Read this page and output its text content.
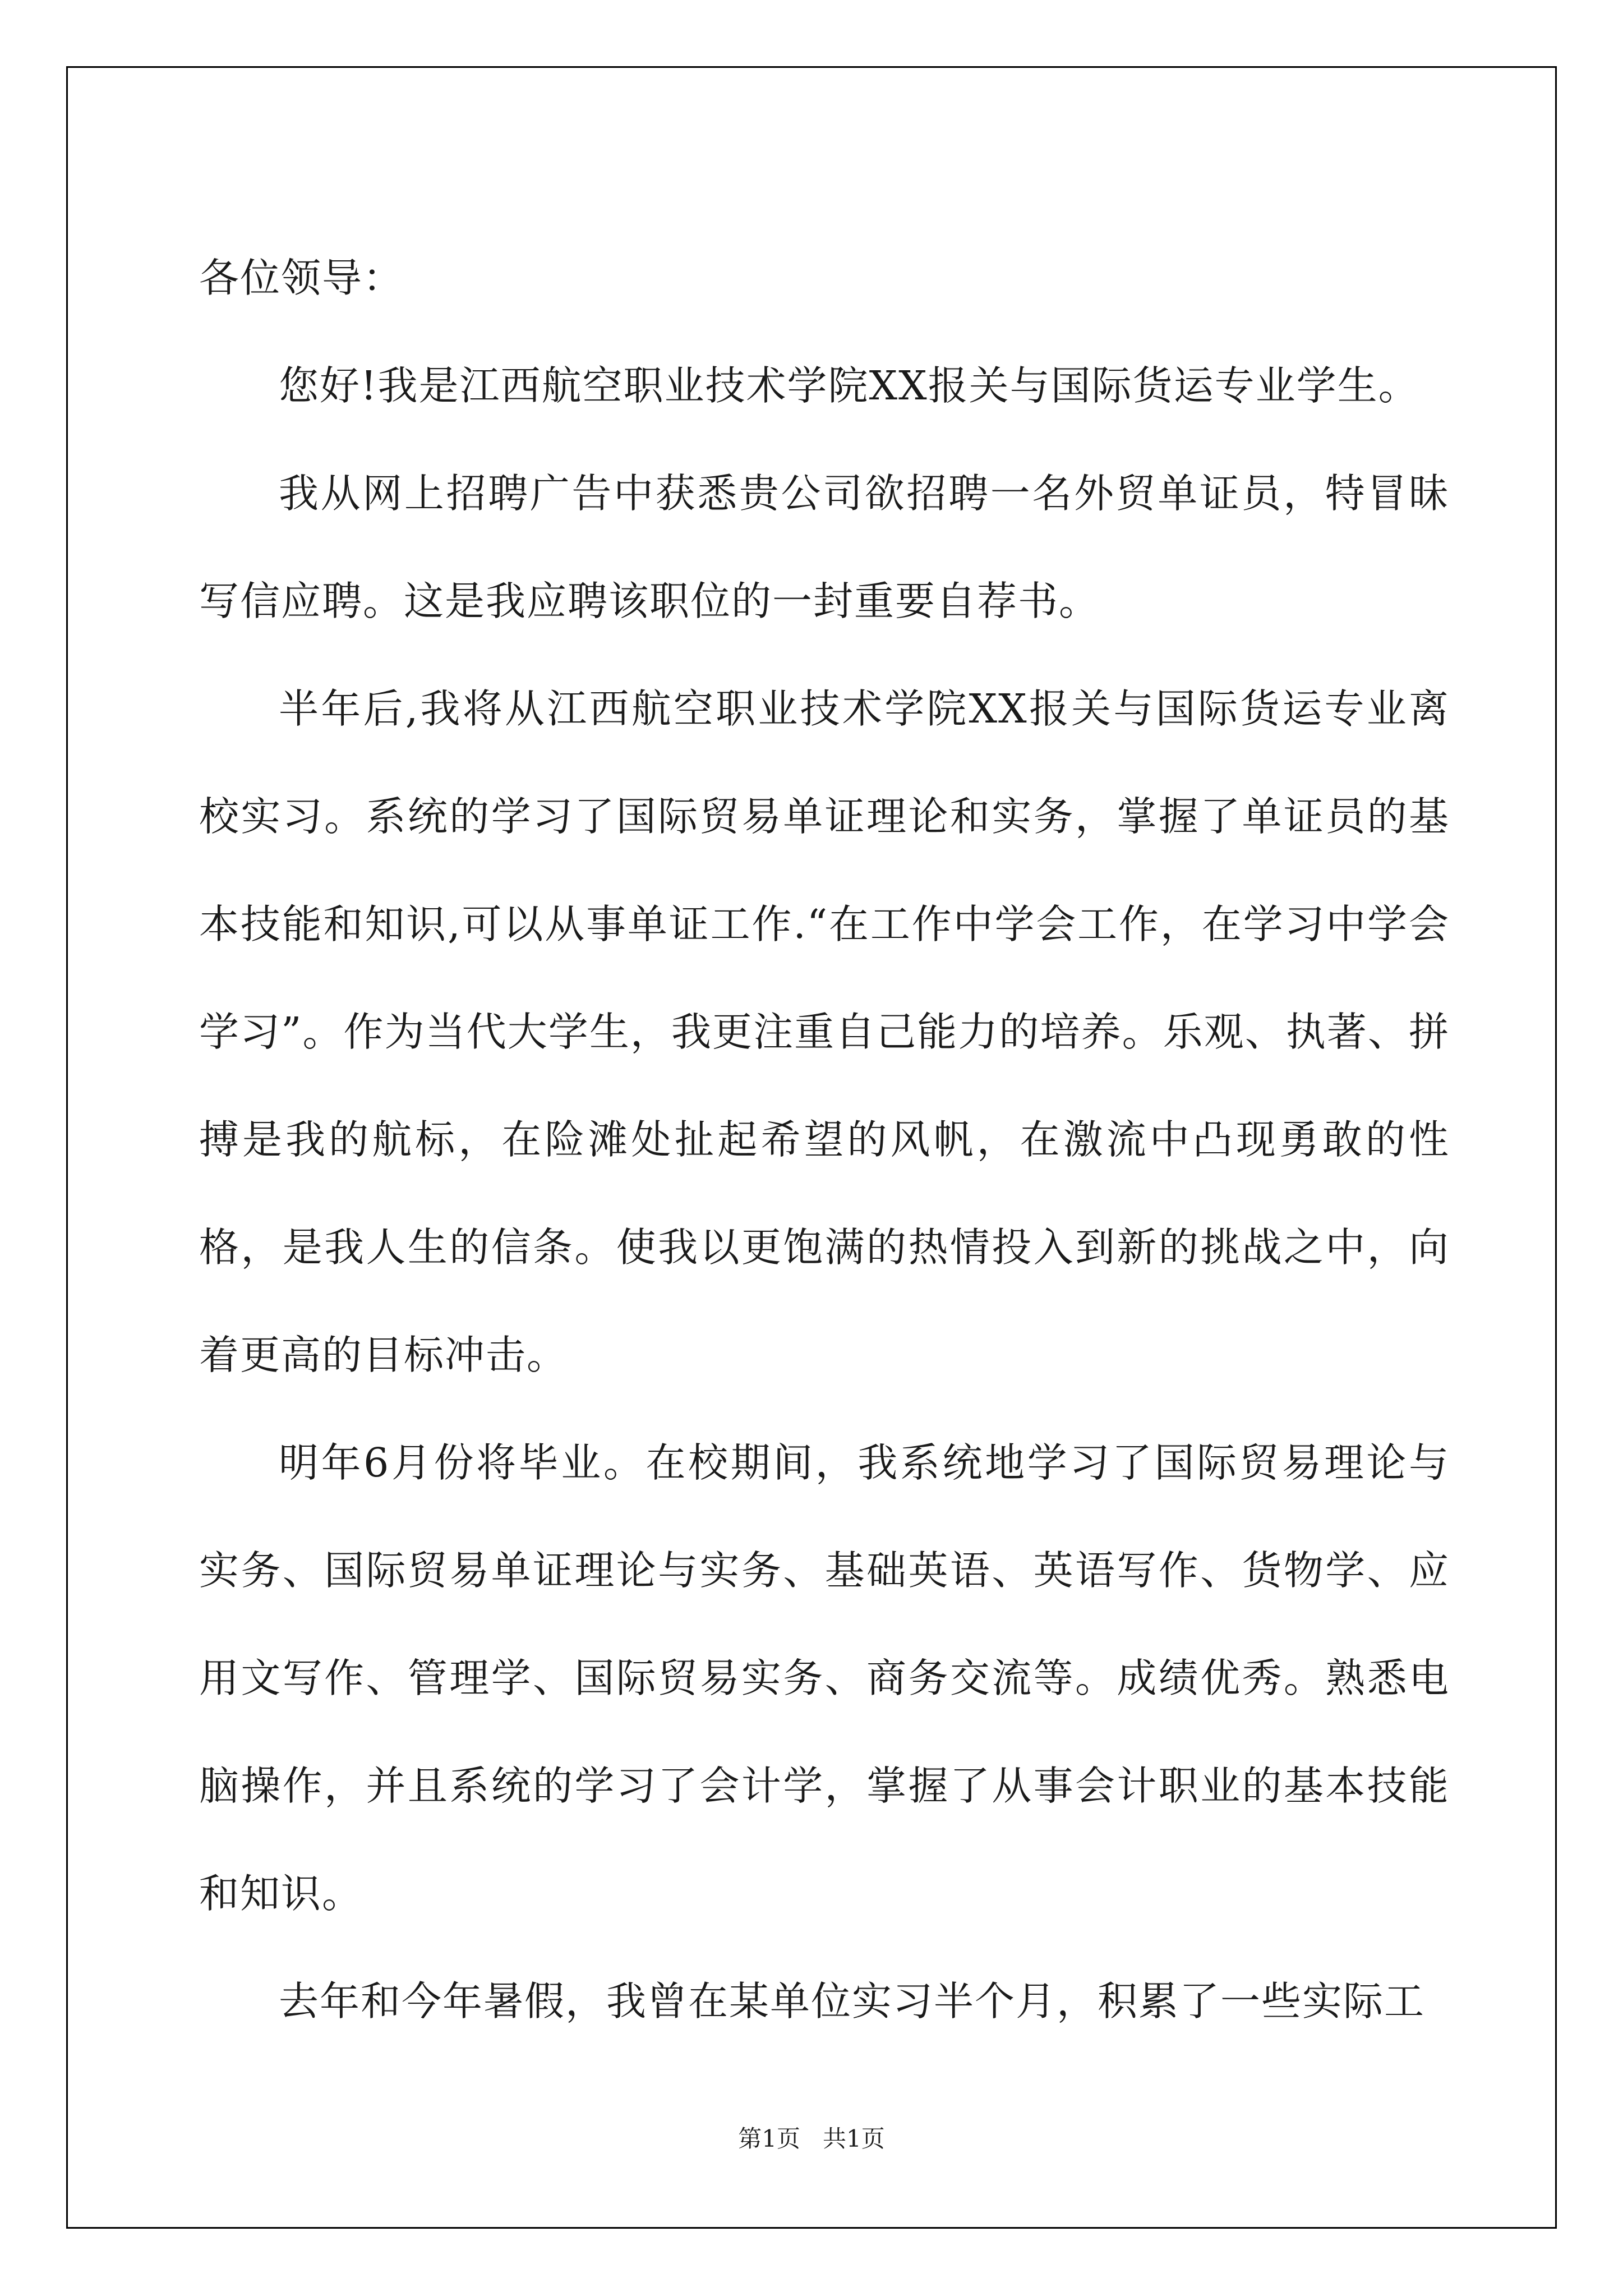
各位领导：

您好!我是江西航空职业技术学院XX报关与国际货运专业学生。

我从网上招聘广告中获悉贵公司欲招聘一名外贸单证员，特冒昧写信应聘。这是我应聘该职位的一封重要自荐书。

半年后,我将从江西航空职业技术学院XX报关与国际货运专业离校实习。系统的学习了国际贸易单证理论和实务，掌握了单证员的基本技能和知识,可以从事单证工作.“在工作中学会工作，在学习中学会学习”。作为当代大学生，我更注重自己能力的培养。乐观、执著、拼搏是我的航标，在险滩处扯起希望的风帆，在激流中凸现勇敢的性格，是我人生的信条。使我以更饱满的热情投入到新的挑战之中，向着更高的目标冲击。

明年6月份将毕业。在校期间，我系统地学习了国际贸易理论与实务、国际贸易单证理论与实务、基础英语、英语写作、货物学、应用文写作、管理学、国际贸易实务、商务交流等。成绩优秀。熟悉电脑操作，并且系统的学习了会计学，掌握了从事会计职业的基本技能和知识。

去年和今年暑假，我曾在某单位实习半个月，积累了一些实际工

第1页   共1页
